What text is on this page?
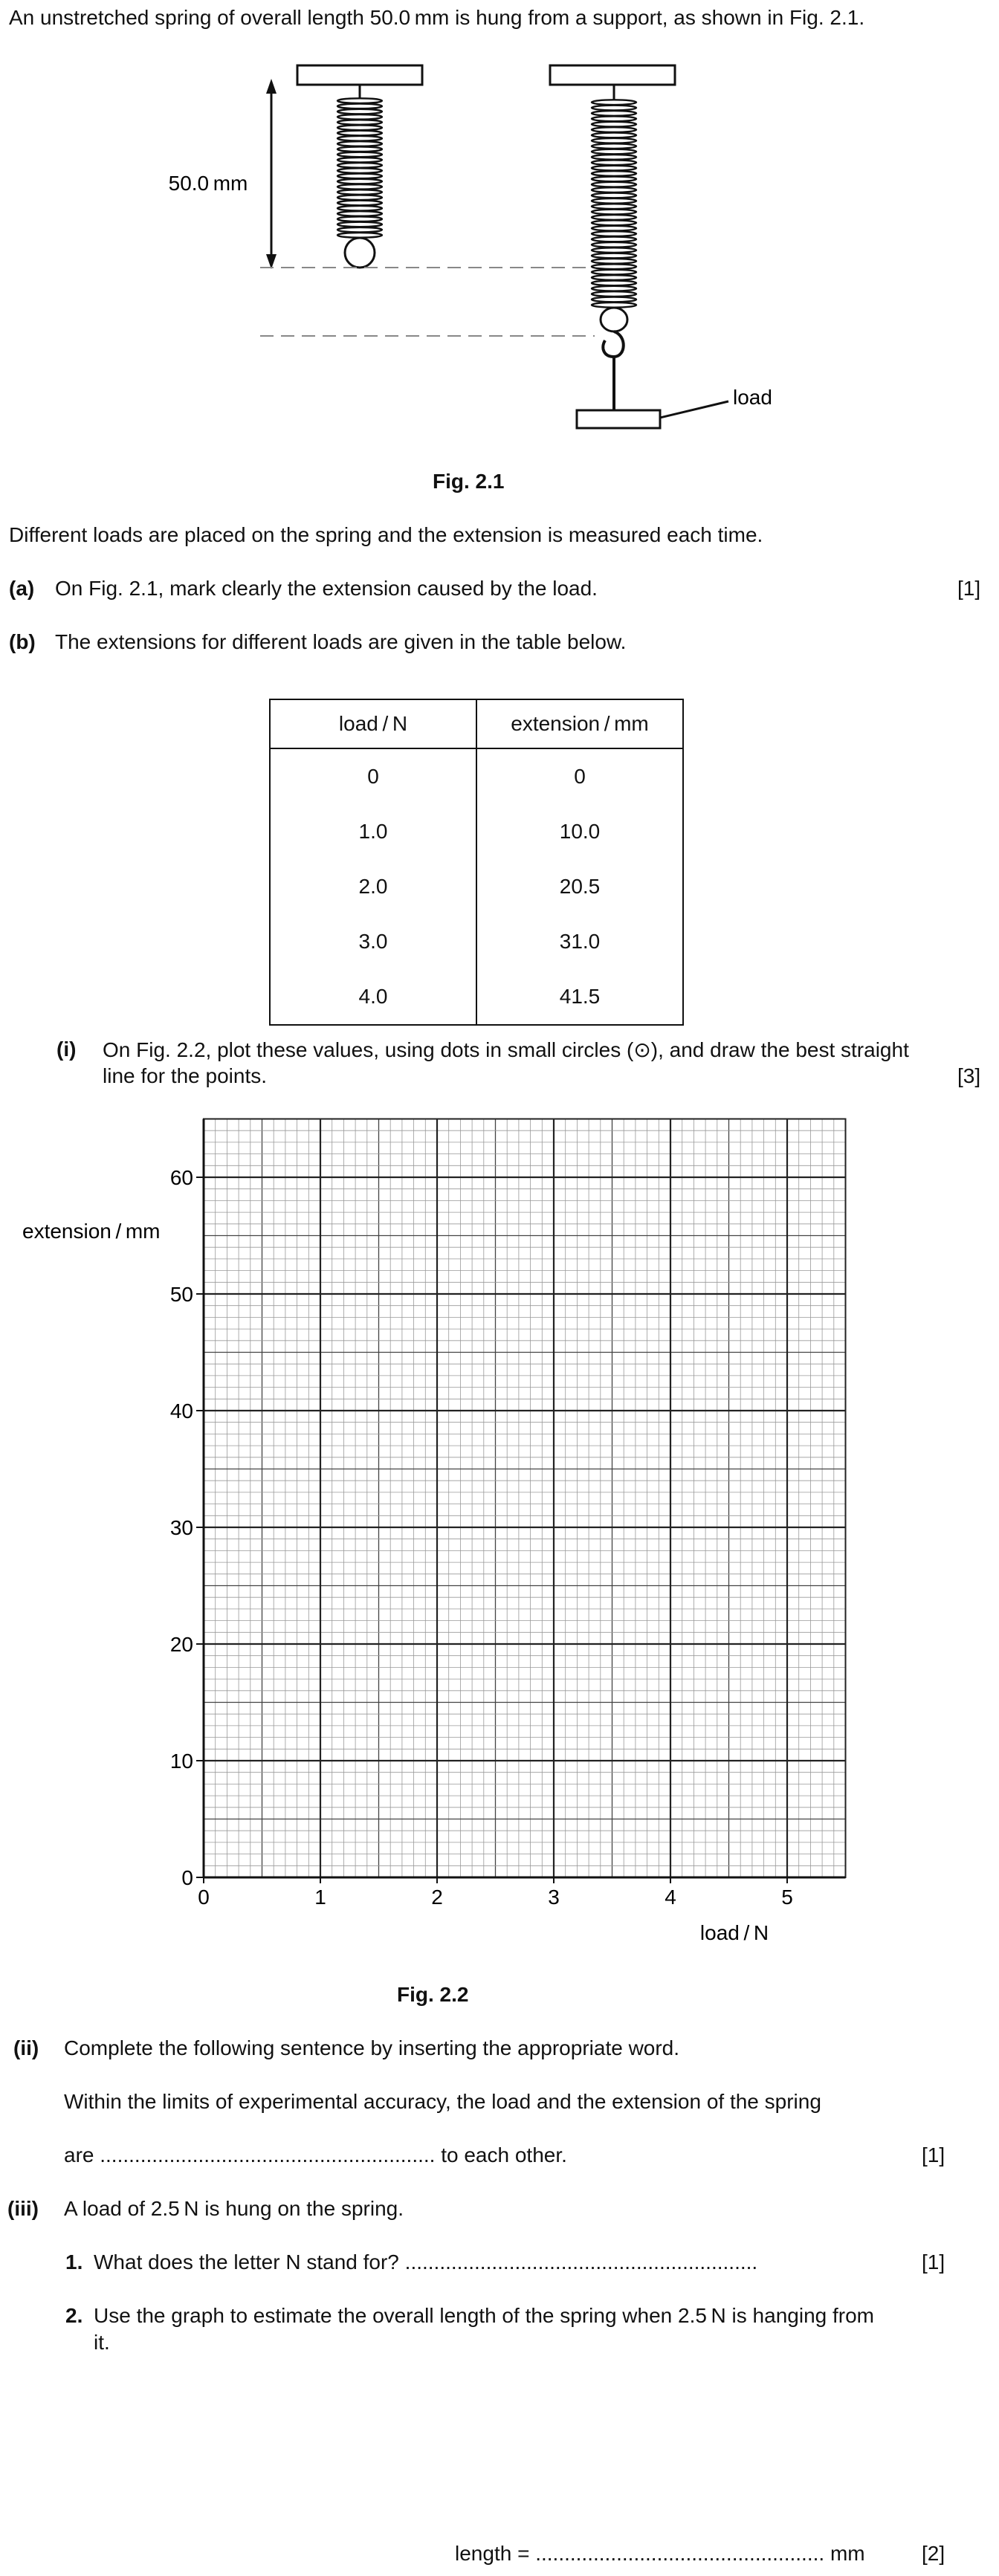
An unstretched spring of overall length 50.0 mm is hung from a support, as shown in Fig. 2.1.
50.0 mm
load
Fig. 2.1
Different loads are placed on the spring and the extension is measured each time.
(a) On Fig. 2.1, mark clearly the extension caused by the load.	[1]
(b) The extensions for different loads are given in the table below.
load / N	extension / mm
0	0
1.0	10.0
2.0	20.5
3.0	31.0
4.0	41.5
(i) On Fig. 2.2, plot these values, using dots in small circles (⊙), and draw the best straight
line for the points.	[3]
0	1	2	3	4	5
0
10
20
30
40
50
60
extension / mm
load / N
Fig. 2.2
(ii) Complete the following sentence by inserting the appropriate word.
Within the limits of experimental accuracy, the load and the extension of the spring
are .......................................................... to each other.	[1]
(iii) A load of 2.5 N is hung on the spring.
1. What does the letter N stand for? .............................................................	[1]
2. Use the graph to estimate the overall length of the spring when 2.5 N is hanging from
it.
length = .................................................. mm	[2]
